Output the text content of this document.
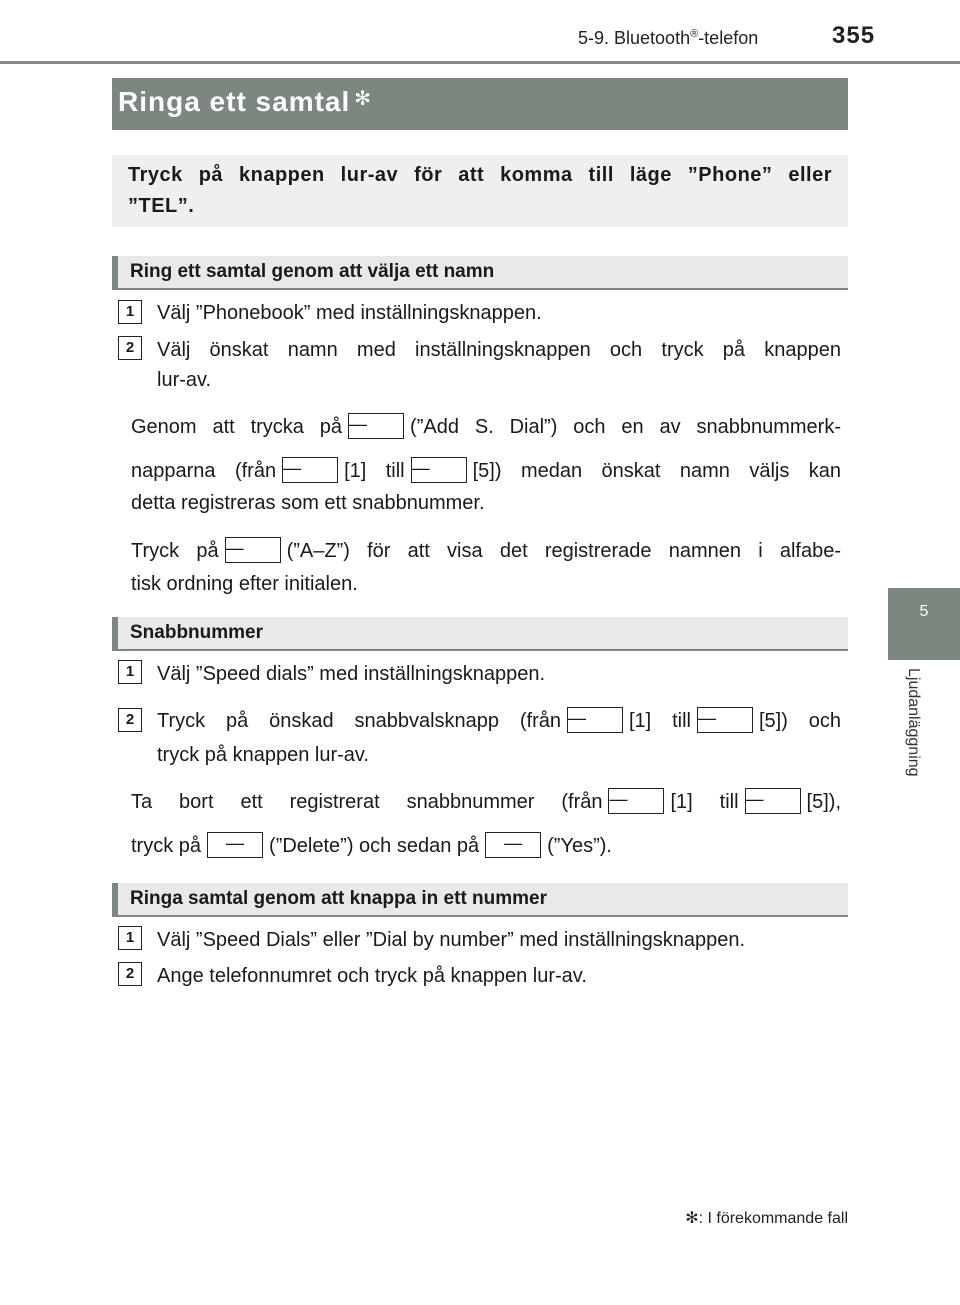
5-9. Bluetooth®-telefon	355
5
Ljudanläggning
Ringa ett samtal ✻
Tryck på knappen lur-av för att komma till läge ”Phone” eller ”TEL”.
Ring ett samtal genom att välja ett namn
1	Välj ”Phonebook” med inställningsknappen.
2	Välj önskat namn med inställningsknappen och tryck på knappen
lur-av.
Genom att trycka på — (”Add S. Dial”) och en av snabbnummerk-
napparna (från — [1] till — [5]) medan önskat namn väljs kan
detta registreras som ett snabbnummer.
Tryck på — (”A–Z”) för att visa det registrerade namnen i alfabe-
tisk ordning efter initialen.
Snabbnummer
1	Välj ”Speed dials” med inställningsknappen.
2	Tryck på önskad snabbvalsknapp (från — [1] till — [5]) och
tryck på knappen lur-av.
Ta bort ett registrerat snabbnummer (från — [1] till — [5]),
tryck på — (”Delete”) och sedan på — (”Yes”).
Ringa samtal genom att knappa in ett nummer
1	Välj ”Speed Dials” eller ”Dial by number” med inställningsknappen.
2	Ange telefonnumret och tryck på knappen lur-av.
✻: I förekommande fall
